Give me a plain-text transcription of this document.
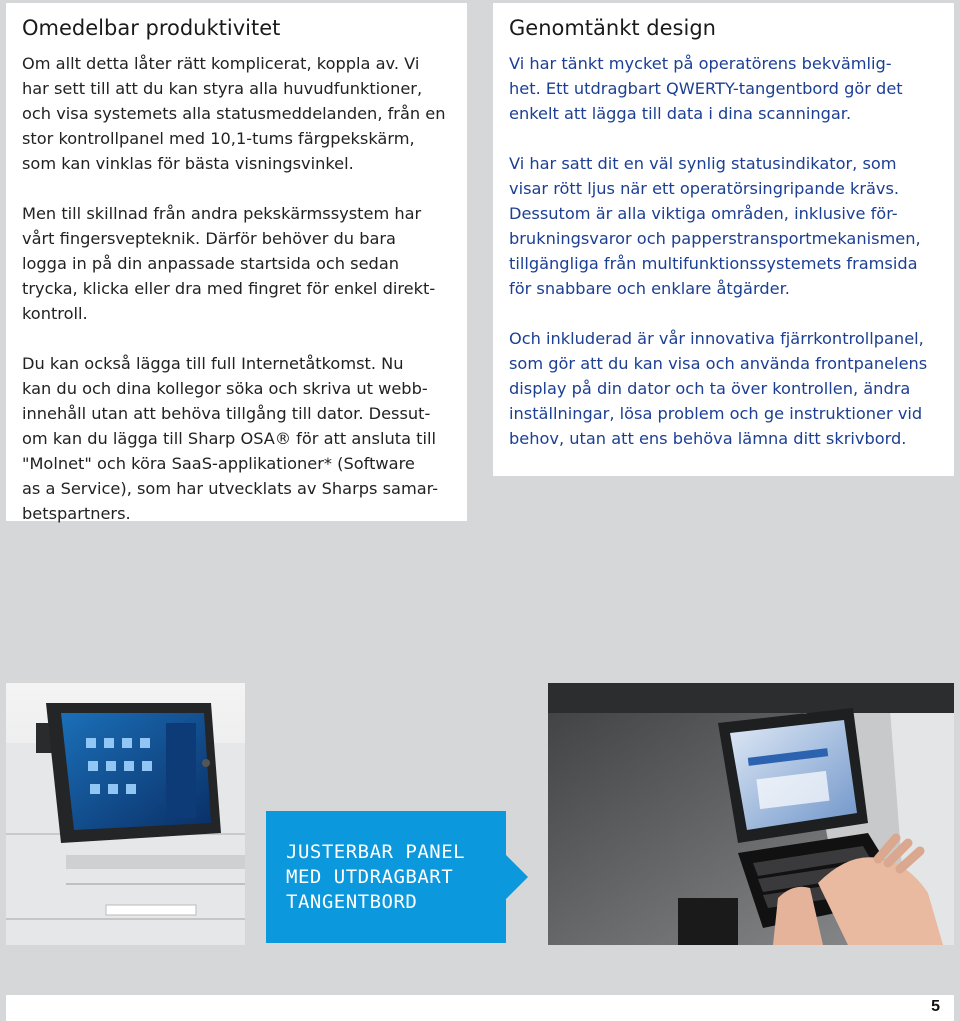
Omedelbar produktivitet

Om allt detta låter rätt komplicerat, koppla av. Vi
har sett till att du kan styra alla huvudfunktioner,
och visa systemets alla statusmeddelanden, från en
stor kontrollpanel med 10,1-tums färgpekskärm,
som kan vinklas för bästa visningsvinkel.

Men till skillnad från andra pekskärmssystem har
vårt fingersvepteknik. Därför behöver du bara
logga in på din anpassade startsida och sedan
trycka, klicka eller dra med fingret för enkel direkt-
kontroll.

Du kan också lägga till full Internetåtkomst. Nu
kan du och dina kollegor söka och skriva ut webb-
innehåll utan att behöva tillgång till dator. Dessut-
om kan du lägga till Sharp OSA® för att ansluta till
"Molnet" och köra SaaS-applikationer* (Software
as a Service), som har utvecklats av Sharps samar-
betspartners.

Genomtänkt design

Vi har tänkt mycket på operatörens bekvämlig-
het. Ett utdragbart QWERTY-tangentbord gör det
enkelt att lägga till data i dina scanningar.

Vi har satt dit en väl synlig statusindikator, som
visar rött ljus när ett operatörsingripande krävs.
Dessutom är alla viktiga områden, inklusive för-
brukningsvaror och papperstransportmekanismen,
tillgängliga från multifunktionssystemets framsida
för snabbare och enklare åtgärder.

Och inkluderad är vår innovativa fjärrkontrollpanel,
som gör att du kan visa och använda frontpanelens
display på din dator och ta över kontrollen, ändra
inställningar, lösa problem och ge instruktioner vid
behov, utan att ens behöva lämna ditt skrivbord.

JUSTERBAR PANEL
MED UTDRAGBART
TANGENTBORD
5
